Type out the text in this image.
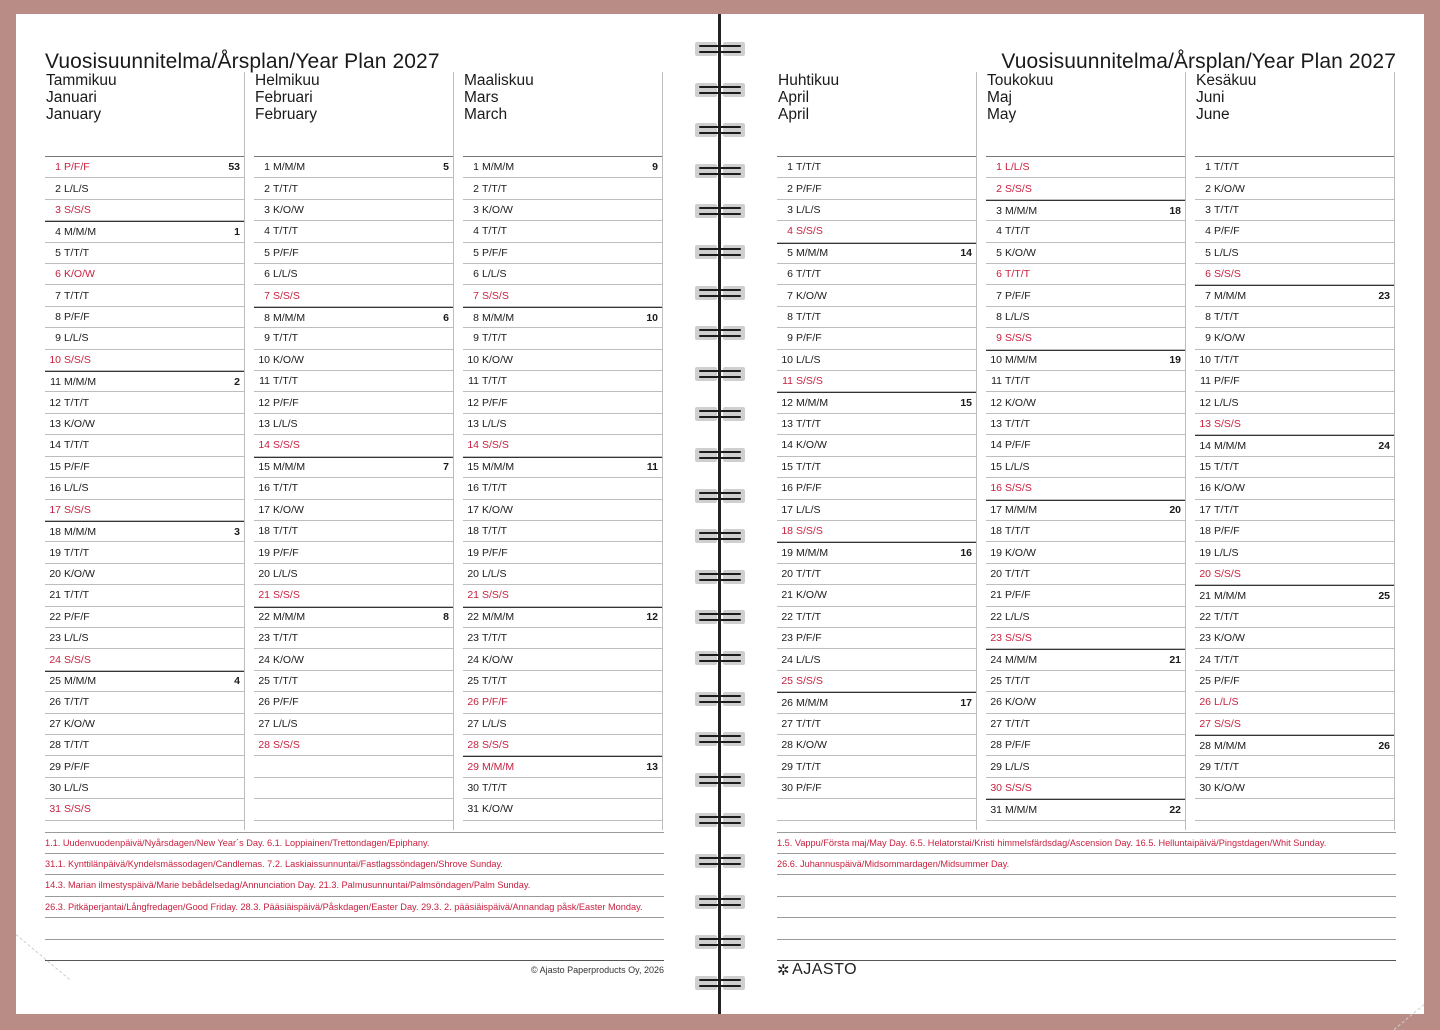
Vuosisuunnitelma/Årsplan/Year Plan 2027
Tammikuu
Januari
January
1 P/F/F	53
2 L/L/S
3 S/S/S
4 M/M/M	1
5 T/T/T
6 K/O/W
7 T/T/T
8 P/F/F
9 L/L/S
10 S/S/S
11 M/M/M	2
12 T/T/T
13 K/O/W
14 T/T/T
15 P/F/F
16 L/L/S
17 S/S/S
18 M/M/M	3
19 T/T/T
20 K/O/W
21 T/T/T
22 P/F/F
23 L/L/S
24 S/S/S
25 M/M/M	4
26 T/T/T
27 K/O/W
28 T/T/T
29 P/F/F
30 L/L/S
31 S/S/S
Helmikuu
Februari
February
1 M/M/M	5
2 T/T/T
3 K/O/W
4 T/T/T
5 P/F/F
6 L/L/S
7 S/S/S
8 M/M/M	6
9 T/T/T
10 K/O/W
11 T/T/T
12 P/F/F
13 L/L/S
14 S/S/S
15 M/M/M	7
16 T/T/T
17 K/O/W
18 T/T/T
19 P/F/F
20 L/L/S
21 S/S/S
22 M/M/M	8
23 T/T/T
24 K/O/W
25 T/T/T
26 P/F/F
27 L/L/S
28 S/S/S
Maaliskuu
Mars
March
1 M/M/M	9
2 T/T/T
3 K/O/W
4 T/T/T
5 P/F/F
6 L/L/S
7 S/S/S
8 M/M/M	10
9 T/T/T
10 K/O/W
11 T/T/T
12 P/F/F
13 L/L/S
14 S/S/S
15 M/M/M	11
16 T/T/T
17 K/O/W
18 T/T/T
19 P/F/F
20 L/L/S
21 S/S/S
22 M/M/M	12
23 T/T/T
24 K/O/W
25 T/T/T
26 P/F/F
27 L/L/S
28 S/S/S
29 M/M/M	13
30 T/T/T
31 K/O/W
1.1. Uudenvuodenpäivä/Nyårsdagen/New Year´s Day. 6.1. Loppiainen/Trettondagen/Epiphany.
31.1. Kynttilänpäivä/Kyndelsmässodagen/Candlemas. 7.2. Laskiaissunnuntai/Fastlagssöndagen/Shrove Sunday.
14.3. Marian ilmestyspäivä/Marie bebådelsedag/Annunciation Day. 21.3. Palmusunnuntai/Palmsöndagen/Palm Sunday.
26.3. Pitkäperjantai/Långfredagen/Good Friday. 28.3. Pääsiäispäivä/Påskdagen/Easter Day. 29.3. 2. pääsiäispäivä/Annandag påsk/Easter Monday.
© Ajasto Paperproducts Oy, 2026
Vuosisuunnitelma/Årsplan/Year Plan 2027
Huhtikuu
April
April
1 T/T/T
2 P/F/F
3 L/L/S
4 S/S/S
5 M/M/M	14
6 T/T/T
7 K/O/W
8 T/T/T
9 P/F/F
10 L/L/S
11 S/S/S
12 M/M/M	15
13 T/T/T
14 K/O/W
15 T/T/T
16 P/F/F
17 L/L/S
18 S/S/S
19 M/M/M	16
20 T/T/T
21 K/O/W
22 T/T/T
23 P/F/F
24 L/L/S
25 S/S/S
26 M/M/M	17
27 T/T/T
28 K/O/W
29 T/T/T
30 P/F/F
Toukokuu
Maj
May
1 L/L/S
2 S/S/S
3 M/M/M	18
4 T/T/T
5 K/O/W
6 T/T/T
7 P/F/F
8 L/L/S
9 S/S/S
10 M/M/M	19
11 T/T/T
12 K/O/W
13 T/T/T
14 P/F/F
15 L/L/S
16 S/S/S
17 M/M/M	20
18 T/T/T
19 K/O/W
20 T/T/T
21 P/F/F
22 L/L/S
23 S/S/S
24 M/M/M	21
25 T/T/T
26 K/O/W
27 T/T/T
28 P/F/F
29 L/L/S
30 S/S/S
31 M/M/M	22
Kesäkuu
Juni
June
1 T/T/T
2 K/O/W
3 T/T/T
4 P/F/F
5 L/L/S
6 S/S/S
7 M/M/M	23
8 T/T/T
9 K/O/W
10 T/T/T
11 P/F/F
12 L/L/S
13 S/S/S
14 M/M/M	24
15 T/T/T
16 K/O/W
17 T/T/T
18 P/F/F
19 L/L/S
20 S/S/S
21 M/M/M	25
22 T/T/T
23 K/O/W
24 T/T/T
25 P/F/F
26 L/L/S
27 S/S/S
28 M/M/M	26
29 T/T/T
30 K/O/W
1.5. Vappu/Första maj/May Day. 6.5. Helatorstai/Kristi himmelsfärdsdag/Ascension Day. 16.5. Helluntaipäivä/Pingstdagen/Whit Sunday.
26.6. Juhannuspäivä/Midsommardagen/Midsummer Day.
✲ AJASTO
